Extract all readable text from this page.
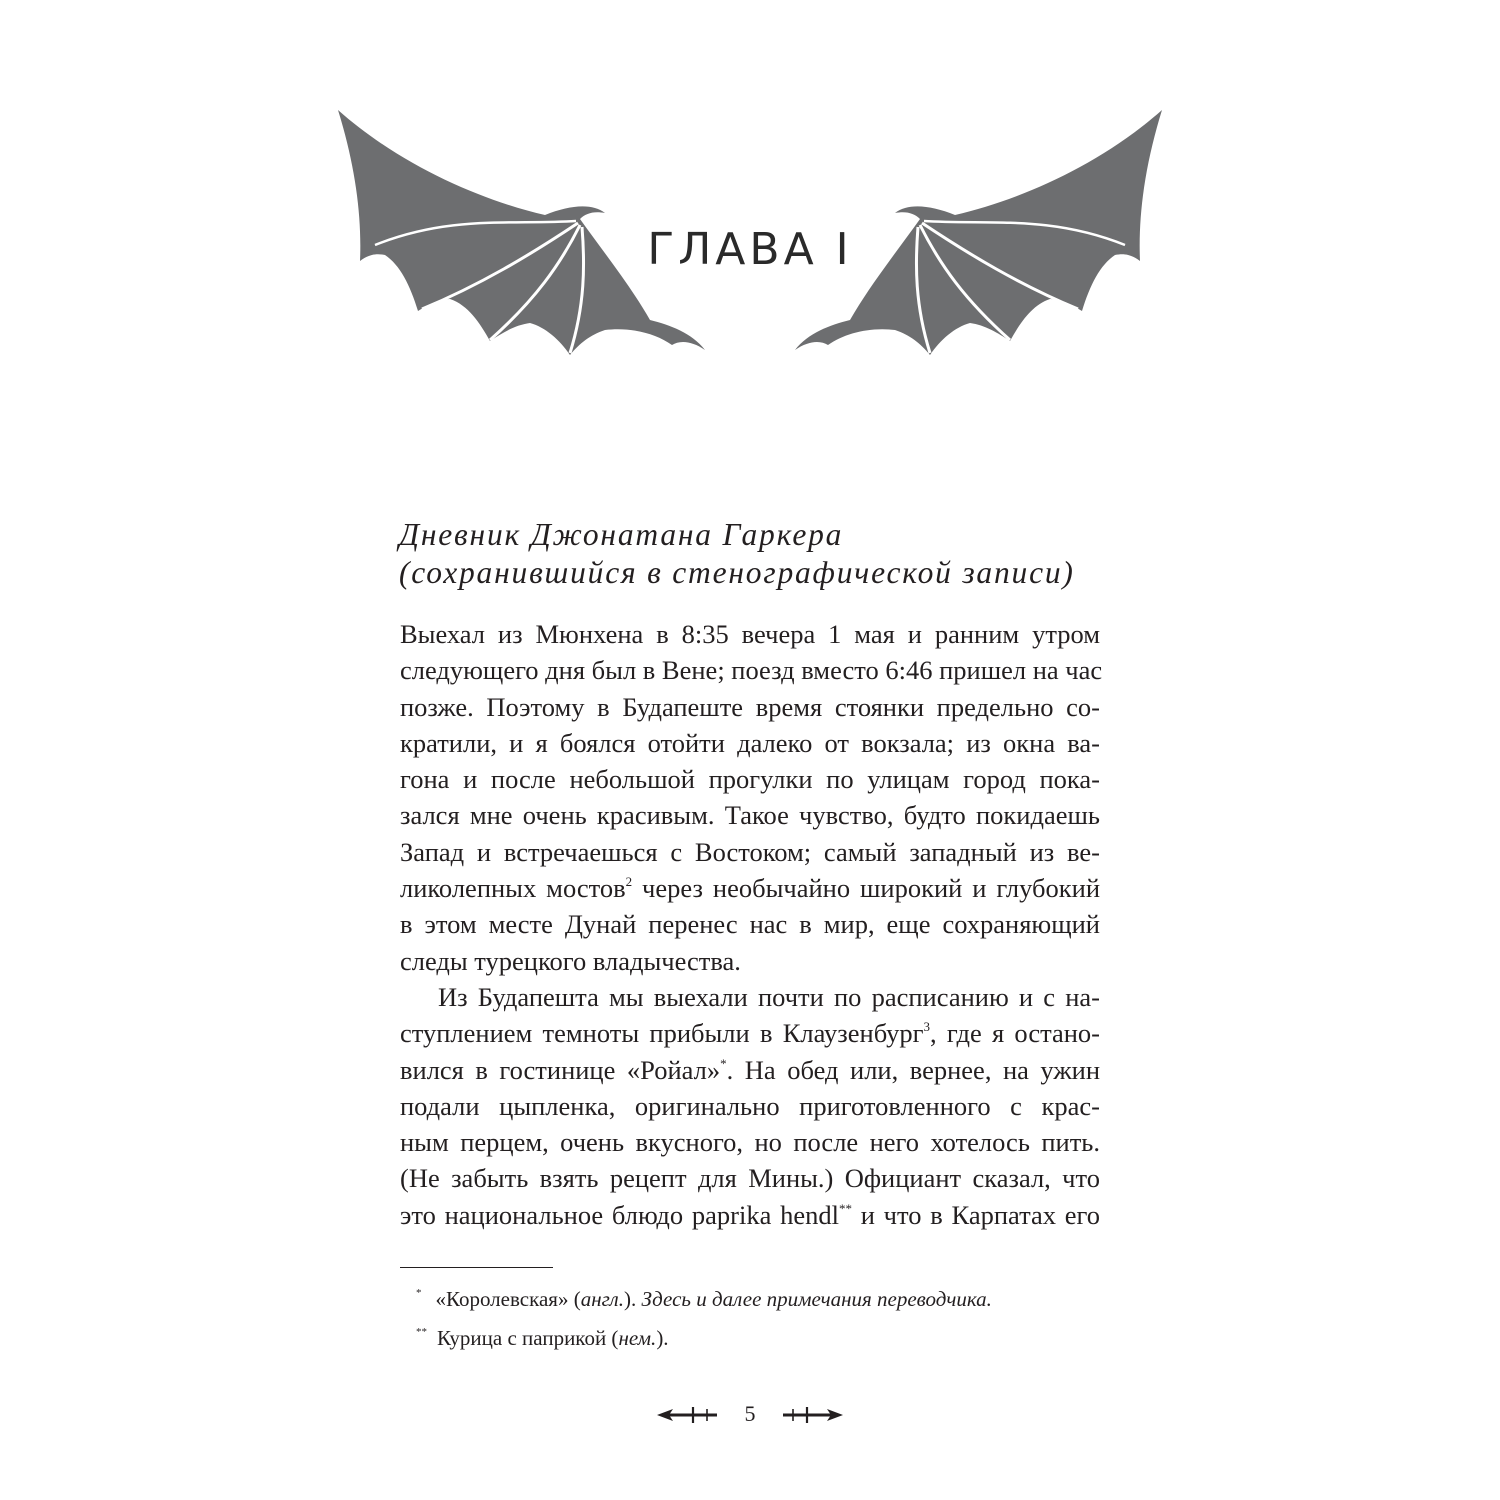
ГЛАВА I
Дневник Джонатана Гаркера
(сохранившийся в стенографической записи)

Выехал из Мюнхена в 8:35 вечера 1 мая и ранним утром
следующего дня был в Вене; поезд вместо 6:46 пришел на час
позже. Поэтому в Будапеште время стоянки предельно со-
кратили, и я боялся отойти далеко от вокзала; из окна ва-
гона и после небольшой прогулки по улицам город пока-
зался мне очень красивым. Такое чувство, будто покидаешь
Запад и встречаешься с Востоком; самый западный из ве-
ликолепных мостов$^2$ через необычайно широкий и глубокий
в этом месте Дунай перенес нас в мир, еще сохраняющий
следы турецкого владычества.

Из Будапешта мы выехали почти по расписанию и с на-
ступлением темноты прибыли в Клаузенбург$^3$, где я остано-
вился в гостинице «Ройал»*. На обед или, вернее, на ужин
подали цыпленка, оригинально приготовленного с крас-
ным перцем, очень вкусного, но после него хотелось пить.
(Не забыть взять рецепт для Мины.) Официант сказал, что
это национальное блюдо paprika hendl** и что в Карпатах его

* «Королевская» (англ.). Здесь и далее примечания переводчика.
** Курица с паприкой (нем.).
5
